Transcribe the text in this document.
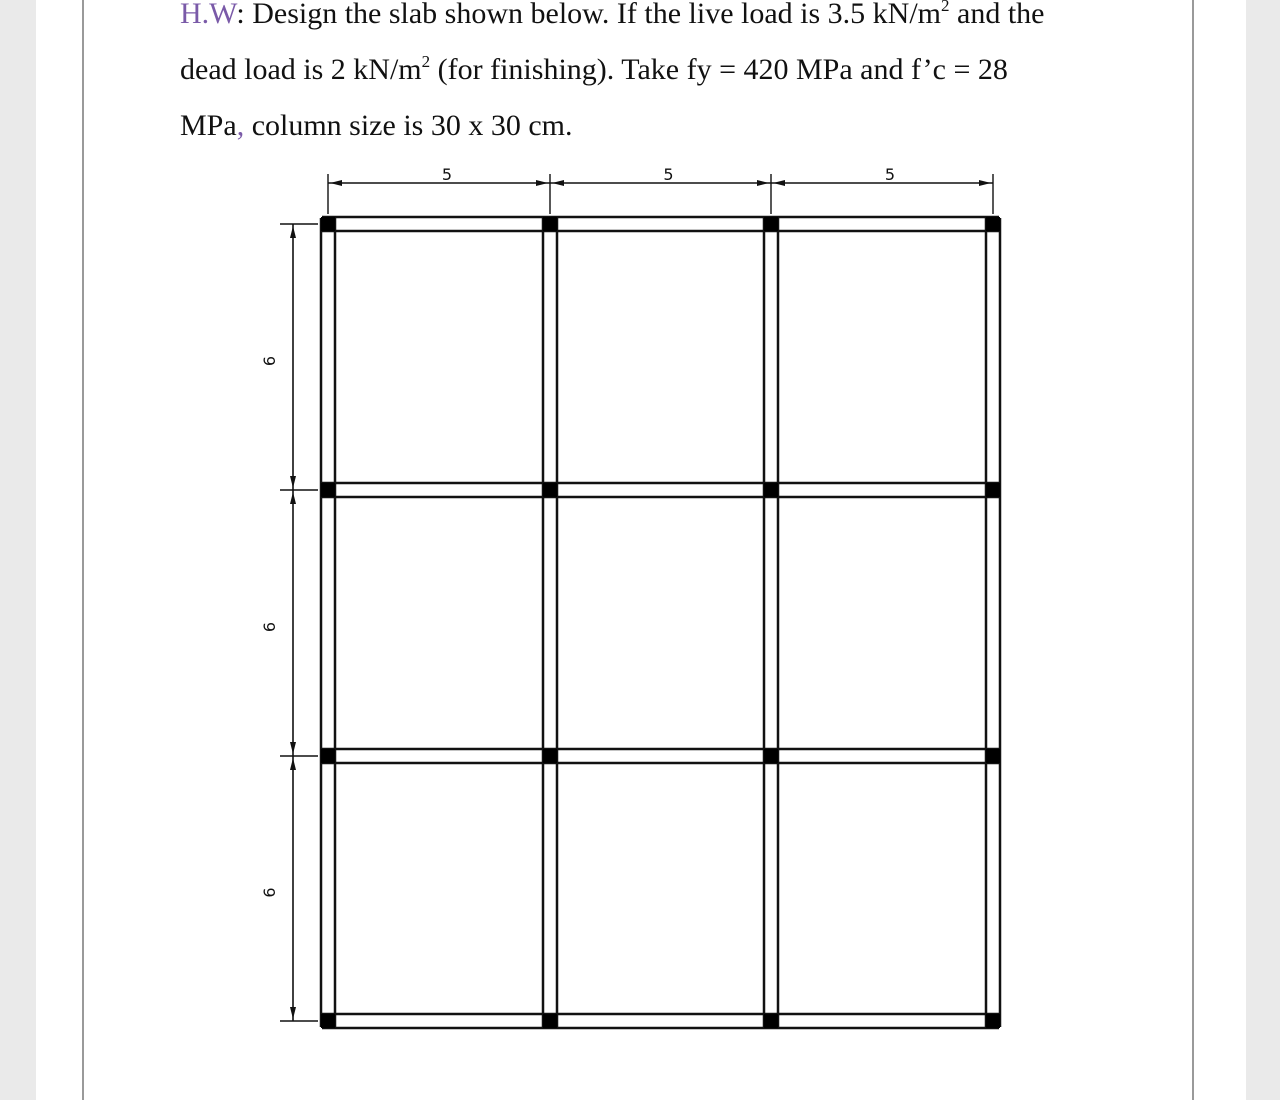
H.W: Design the slab shown below. If the live load is 3.5 $kN/m^2$ and the
dead load is 2 $kN/m^2$ (for finishing). Take fy = 420 MPa and f’c = 28
MPa, column size is 30 x 30 cm.
5	5	5
6
6
6
